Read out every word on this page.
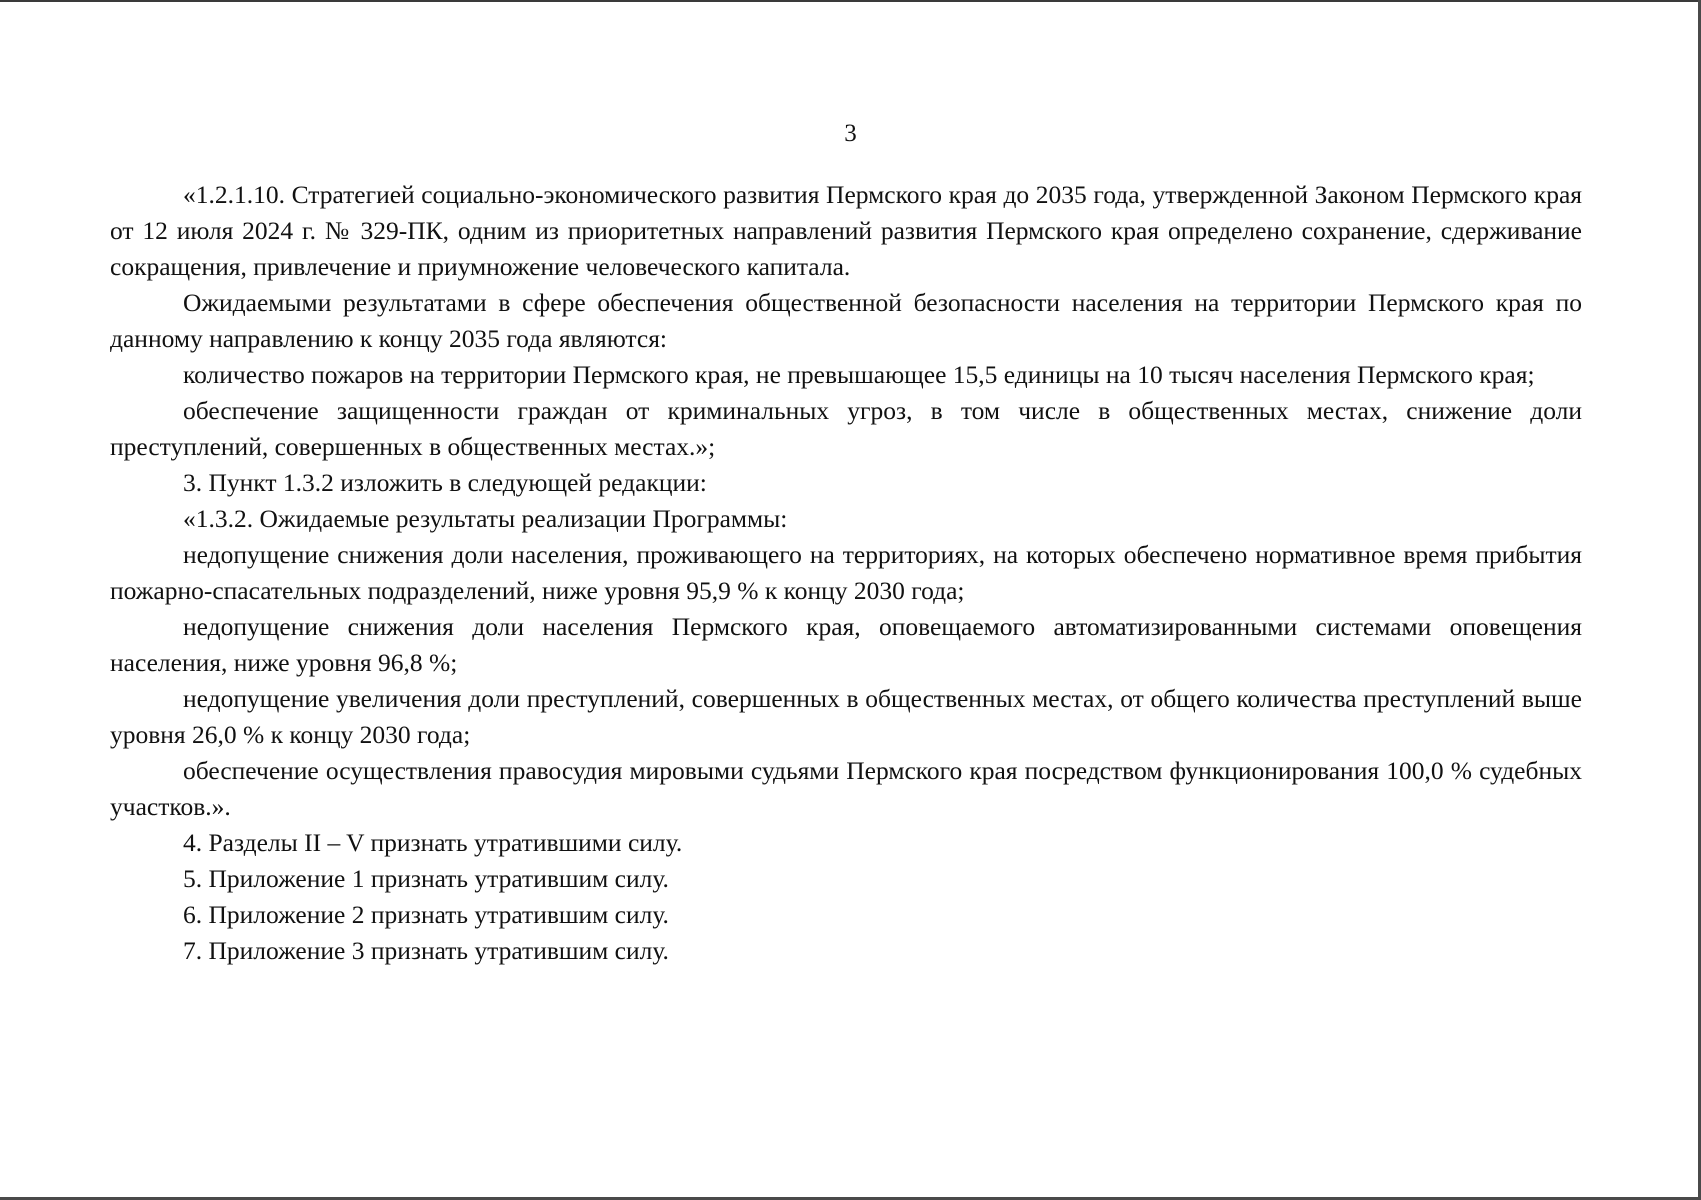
3

«1.2.1.10. Стратегией социально-экономического развития Пермского края до 2035 года, утвержденной Законом Пермского края от 12 июля 2024 г. № 329-ПК, одним из приоритетных направлений развития Пермского края определено сохранение, сдерживание сокращения, привлечение и приумножение человеческого капитала.

Ожидаемыми результатами в сфере обеспечения общественной безопасности населения на территории Пермского края по данному направлению к концу 2035 года являются:

количество пожаров на территории Пермского края, не превышающее 15,5 единицы на 10 тысяч населения Пермского края;

обеспечение защищенности граждан от криминальных угроз, в том числе в общественных местах, снижение доли преступлений, совершенных в общественных местах.»;

3. Пункт 1.3.2 изложить в следующей редакции:

«1.3.2. Ожидаемые результаты реализации Программы:

недопущение снижения доли населения, проживающего на территориях, на которых обеспечено нормативное время прибытия пожарно-спасательных подразделений, ниже уровня 95,9 % к концу 2030 года;

недопущение снижения доли населения Пермского края, оповещаемого автоматизированными системами оповещения населения, ниже уровня 96,8 %;

недопущение увеличения доли преступлений, совершенных в общественных местах, от общего количества преступлений выше уровня 26,0 % к концу 2030 года;

обеспечение осуществления правосудия мировыми судьями Пермского края посредством функционирования 100,0 % судебных участков.».

4. Разделы II – V признать утратившими силу.

5. Приложение 1 признать утратившим силу.

6. Приложение 2 признать утратившим силу.

7. Приложение 3 признать утратившим силу.
